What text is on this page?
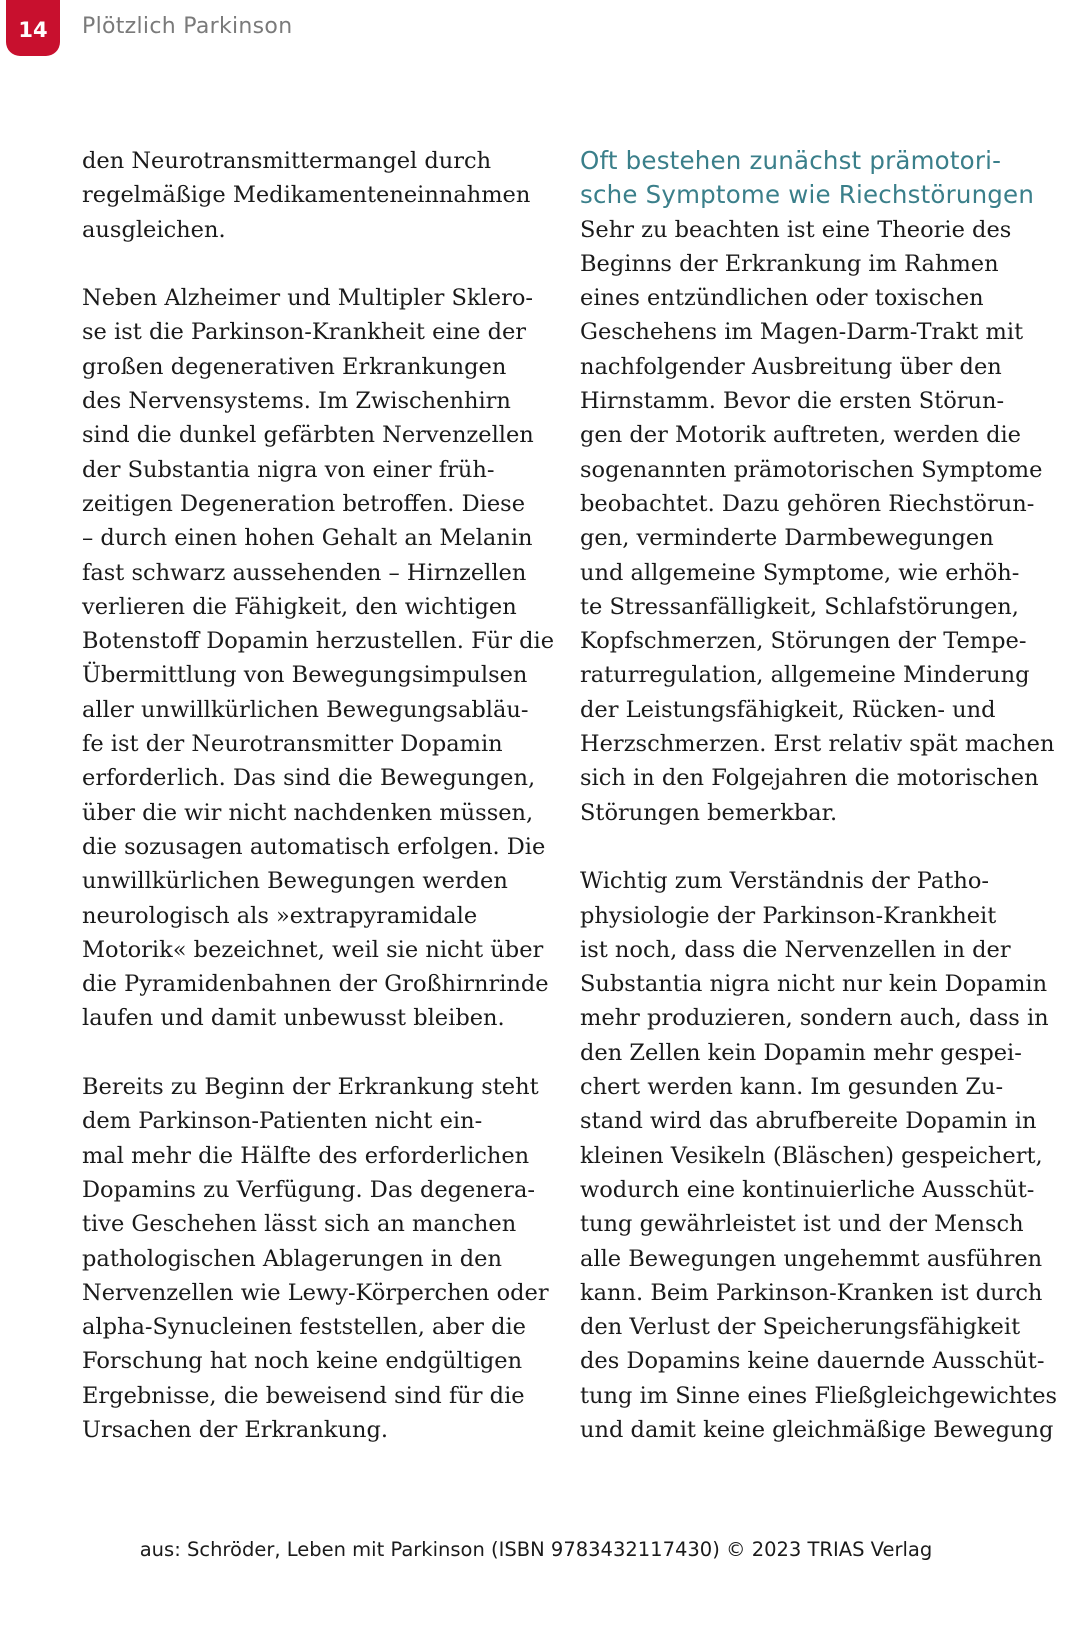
14 Plötzlich Parkinson
den Neurotransmittermangel durch
regelmäßige Medikamenteneinnahmen
ausgleichen.
Neben Alzheimer und Multipler Sklero-
se ist die Parkinson-Krankheit eine der
großen degenerativen Erkrankungen
des Nervensystems. Im Zwischenhirn
sind die dunkel gefärbten Nervenzellen
der Substantia nigra von einer früh-
zeitigen Degeneration betroffen. Diese
– durch einen hohen Gehalt an Melanin
fast schwarz aussehenden – Hirnzellen
verlieren die Fähigkeit, den wichtigen
Botenstoff Dopamin herzustellen. Für die
Übermittlung von Bewegungsimpulsen
aller unwillkürlichen Bewegungsabläu-
fe ist der Neurotransmitter Dopamin
erforderlich. Das sind die Bewegungen,
über die wir nicht nachdenken müssen,
die sozusagen automatisch erfolgen. Die
unwillkürlichen Bewegungen werden
neurologisch als »extrapyramidale
Motorik« bezeichnet, weil sie nicht über
die Pyramidenbahnen der Großhirnrinde
laufen und damit unbewusst bleiben.
Bereits zu Beginn der Erkrankung steht
dem Parkinson-Patienten nicht ein-
mal mehr die Hälfte des erforderlichen
Dopamins zu Verfügung. Das degenera-
tive Geschehen lässt sich an manchen
pathologischen Ablagerungen in den
Nervenzellen wie Lewy-Körperchen oder
alpha-Synucleinen feststellen, aber die
Forschung hat noch keine endgültigen
Ergebnisse, die beweisend sind für die
Ursachen der Erkrankung.
Oft bestehen zunächst prämotori-
sche Symptome wie Riechstörungen
Sehr zu beachten ist eine Theorie des
Beginns der Erkrankung im Rahmen
eines entzündlichen oder toxischen
Geschehens im Magen-Darm-Trakt mit
nachfolgender Ausbreitung über den
Hirnstamm. Bevor die ersten Störun-
gen der Motorik auftreten, werden die
sogenannten prämotorischen Symptome
beobachtet. Dazu gehören Riechstörun-
gen, verminderte Darmbewegungen
und allgemeine Symptome, wie erhöh-
te Stressanfälligkeit, Schlafstörungen,
Kopfschmerzen, Störungen der Tempe-
raturregulation, allgemeine Minderung
der Leistungsfähigkeit, Rücken- und
Herzschmerzen. Erst relativ spät machen
sich in den Folgejahren die motorischen
Störungen bemerkbar.
Wichtig zum Verständnis der Patho-
physiologie der Parkinson-Krankheit
ist noch, dass die Nervenzellen in der
Substantia nigra nicht nur kein Dopamin
mehr produzieren, sondern auch, dass in
den Zellen kein Dopamin mehr gespei-
chert werden kann. Im gesunden Zu-
stand wird das abrufbereite Dopamin in
kleinen Vesikeln (Bläschen) gespeichert,
wodurch eine kontinuierliche Ausschüt-
tung gewährleistet ist und der Mensch
alle Bewegungen ungehemmt ausführen
kann. Beim Parkinson-Kranken ist durch
den Verlust der Speicherungsfähigkeit
des Dopamins keine dauernde Ausschüt-
tung im Sinne eines Fließgleichgewichtes
und damit keine gleichmäßige Bewegung
aus: Schröder, Leben mit Parkinson (ISBN 9783432117430) © 2023 TRIAS Verlag
